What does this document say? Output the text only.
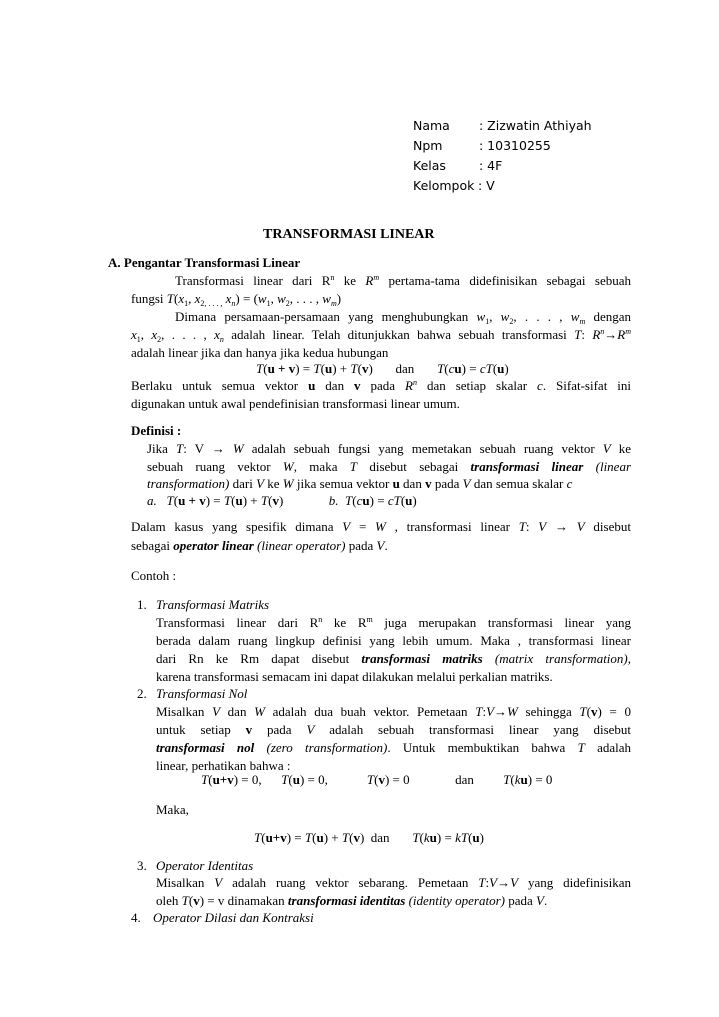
Nama : Zizwatin Athiyah
Npm	: 10310255
Kelas	: 4F
Kelompok : V
TRANSFORMASI LINEAR
A. Pengantar Transformasi Linear
Transformasi linear dari $R^n$ ke $R^m$ pertama-tama didefinisikan sebagai sebuah
fungsi $T(x_1$, $x_{2, . . . ,}$ $x_n) = (w_1$, $w_2$, . . . , $w_m$)
Dimana persamaan-persamaan yang menghubungkan $w_1$, $w_2$, . . . , $w_m$ dengan
$x_1$, $x_2$, . . . , $x_n$ adalah linear. Telah ditunjukkan bahwa sebuah transformasi T: $R^n\to R^m$
adalah linear jika dan hanya jika kedua hubungan
T(u + v) = T(u) + T(v)       dan       T(cu) = cT(u)
Berlaku untuk semua vektor u dan v pada $R^n$ dan setiap skalar c. Sifat-sifat ini
digunakan untuk awal pendefinisian transformasi linear umum.
Definisi :
Jika T: V → W adalah sebuah fungsi yang memetakan sebuah ruang vektor V ke
sebuah ruang vektor W, maka T disebut sebagai transformasi linear (linear
transformation) dari V ke W jika semua vektor u dan v pada V dan semua skalar c
a. T(u + v) = T(u) + T(v)              b. T(cu) = cT(u)
Dalam kasus yang spesifik dimana V = W , transformasi linear T: V → V disebut
sebagai operator linear (linear operator) pada V.
Contoh :
1. Transformasi Matriks
Transformasi linear dari $R^n$ ke $R^m$ juga merupakan transformasi linear yang
berada dalam ruang lingkup definisi yang lebih umum. Maka , transformasi linear
dari Rn ke Rm dapat disebut transformasi matriks (matrix transformation),
karena transformasi semacam ini dapat dilakukan melalui perkalian matriks.
2. Transformasi Nol
Misalkan V dan W adalah dua buah vektor. Pemetaan T:V→W sehingga T(v) = 0
untuk setiap v pada V adalah sebuah transformasi linear yang disebut
transformasi nol (zero transformation). Untuk membuktikan bahwa T adalah
linear, perhatikan bahwa :
T(u+v) = 0,      T(u) = 0,            T(v) = 0              dan         T(ku) = 0
Maka,
T(u+v) = T(u) + T(v)  dan       T(ku) = kT(u)
3. Operator Identitas
Misalkan V adalah ruang vektor sebarang. Pemetaan T:V→V yang didefinisikan
oleh T(v) = v dinamakan transformasi identitas (identity operator) pada V.
4. Operator Dilasi dan Kontraksi
